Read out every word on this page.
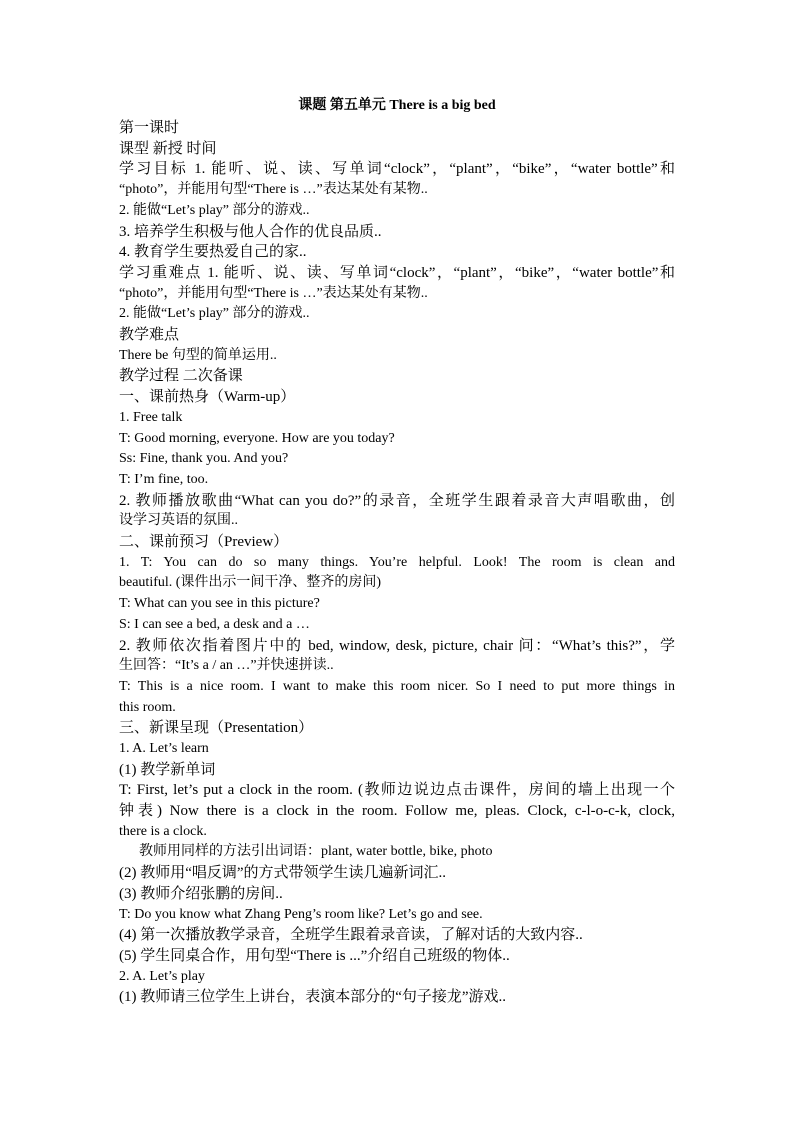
课题 第五单元 There is a big bed
第一课时
课型 新授 时间
学习目标 1. 能听、说、读、写单词“clock”，“plant”，“bike”，“water bottle”和
“photo”，并能用句型“There is …”表达某处有某物..
2. 能做“Let’s play” 部分的游戏..
3. 培养学生积极与他人合作的优良品质..
4. 教育学生要热爱自己的家..
学习重难点 1. 能听、说、读、写单词“clock”，“plant”，“bike”，“water bottle”和
“photo”，并能用句型“There is …”表达某处有某物..
2. 能做“Let’s play” 部分的游戏..
教学难点
There be 句型的简单运用..
教学过程 二次备课
一、课前热身（Warm-up）
1. Free talk
T: Good morning, everyone. How are you today?
Ss: Fine, thank you. And you?
T: I’m fine, too.
2. 教师播放歌曲“What can you do?”的录音，全班学生跟着录音大声唱歌曲，创
设学习英语的氛围..
二、课前预习（Preview）
1. T: You can do so many things. You’re helpful. Look! The room is clean and
beautiful. (课件出示一间干净、整齐的房间)
T: What can you see in this picture?
S: I can see a bed, a desk and a …
2. 教师依次指着图片中的 bed, window, desk, picture, chair 问：“What’s this?”，学
生回答：“It’s a / an …”并快速拼读..
T: This is a nice room. I want to make this room nicer. So I need to put more things in
this room.
三、新课呈现（Presentation）
1. A. Let’s learn
(1) 教学新单词
T: First, let’s put a clock in the room. (教师边说边点击课件，房间的墙上出现一个
钟表) Now there is a clock in the room. Follow me, pleas. Clock, c-l-o-c-k, clock,
there is a clock.
教师用同样的方法引出词语：plant, water bottle, bike, photo
(2) 教师用“唱反调”的方式带领学生读几遍新词汇..
(3) 教师介绍张鹏的房间..
T: Do you know what Zhang Peng’s room like? Let’s go and see.
(4) 第一次播放教学录音，全班学生跟着录音读，了解对话的大致内容..
(5) 学生同桌合作，用句型“There is ...”介绍自己班级的物体..
2. A. Let’s play
(1) 教师请三位学生上讲台，表演本部分的“句子接龙”游戏..
